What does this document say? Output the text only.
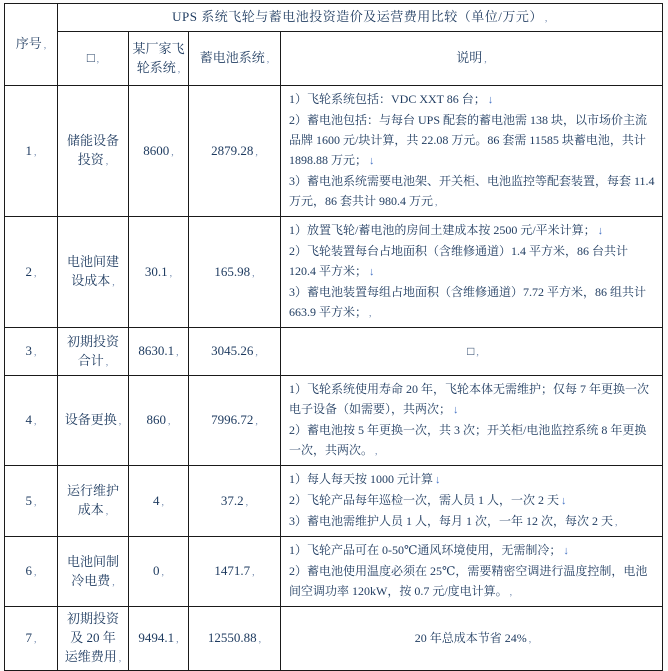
序号 ,	UPS 系统飞轮与蓄电池投资造价及运营费用比较（单位/万元） ,			
	□ ,	某厂家飞轮系统 ,	蓄电池系统 ,	说明 ,
1 ,	储能设备投资 ,	8600 ,	2879.28 ,	1）飞轮系统包括：VDC XXT 86 台； ↓
2）蓄电池包括：与每台 UPS 配套的蓄电池需 138 块，以市场价主流品牌 1600 元/块计算，共 22.08 万元。86 套需 11585 块蓄电池，共计 1898.88 万元； ↓
3）蓄电池系统需要电池架、开关柜、电池监控等配套装置，每套 11.4 万元，86 套共计 980.4 万元 ,

2 ,	电池间建设成本 ,	30.1 ,	165.98 ,	1）放置飞轮/蓄电池的房间土建成本按 2500 元/平米计算； ↓
2）飞轮装置每台占地面积（含维修通道）1.4 平方米，86 台共计 120.4 平方米； ↓
3）蓄电池装置每组占地面积（含维修通道）7.72 平方米，86 组共计 663.9 平方米； ,

3 ,	初期投资合计 ,	8630.1 ,	3045.26 ,	□ ,

4 ,	设备更换 ,	860 ,	7996.72 ,	1）飞轮系统使用寿命 20 年，飞轮本体无需维护；仅每 7 年更换一次电子设备（如需要），共两次； ↓
2）蓄电池按 5 年更换一次，共 3 次；开关柜/电池监控系统 8 年更换一次，共两次。 ,

5 ,	运行维护成本 ,	4 ,	37.2 ,	1）每人每天按 1000 元计算 ↓
2）飞轮产品每年巡检一次，需人员 1 人，一次 2 天 ↓
3）蓄电池需维护人员 1 人，每月 1 次，一年 12 次，每次 2 天 ,

6 ,	电池间制冷电费 ,	0 ,	1471.7 ,	1）飞轮产品可在 0-50℃通风环境使用，无需制冷； ↓
2）蓄电池使用温度必须在 25℃，需要精密空调进行温度控制，电池间空调功率 120kW，按 0.7 元/度电计算。 ,

7 ,	初期投资及 20 年运维费用 ,	9494.1 ,	12550.88 ,	20 年总成本节省 24% ,
